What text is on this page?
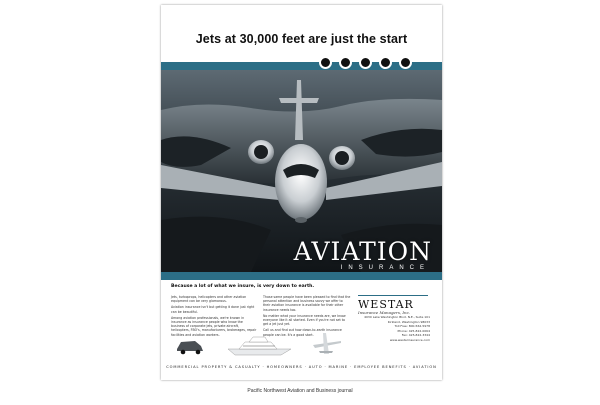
Jets at 30,000 feet are just the start
AVIATION
INSURANCE
Because a lot of what we insure, is very down to earth.
Jets, turboprops, helicopters and other aviation equipment can be very glamorous.
Aviation insurance isn't but getting it done just right can be beautiful.
Among aviation professionals, we're known in insurance as insurance people who know the business of corporate jets, private aircraft, helicopters, FBO's, manufacturers, brokerages, repair facilities and aviation workers.
Those same people have been pleased to find that the personal attention and business savvy we offer to their aviation insurance is available for their other insurance needs too.
No matter what your insurance needs are, we know everyone like it all started. Even if you're not set to get a jet just yet.
Call us and find out how down-to-earth insurance people can be. It's a good start.
WESTAR
Insurance Managers, Inc.
4030 Lake Washington Blvd. N.E., Suite 101
Kirkland, Washington 98033
Toll Free: 800-562-5978
Phone: 425-822-0064
Fax: 425-822-3344
www.westarinsurance.com
COMMERCIAL PROPERTY & CASUALTY · HOMEOWNERS · AUTO · MARINE · EMPLOYEE BENEFITS · AVIATION
Pacific Northwest Aviation and Business journal
